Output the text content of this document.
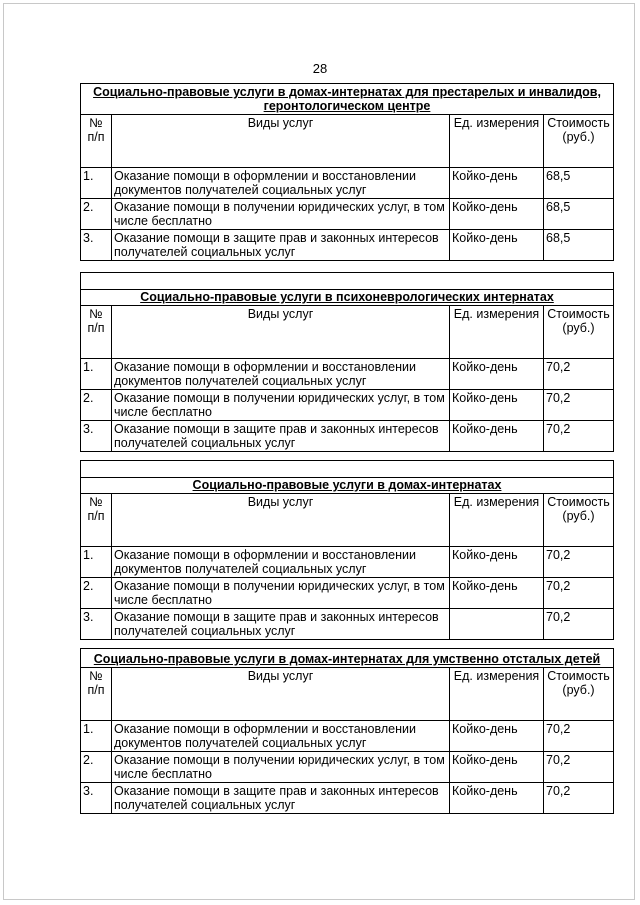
28
Социально-правовые услуги в домах-интернатах для престарелых и инвалидов, геронтологическом центре			
№ п/п	Виды услуг	Ед. измерения	Стоимость (руб.)
1.	Оказание помощи в оформлении и восстановлении документов получателей социальных услуг	Койко-день	68,5
2.	Оказание помощи в получении юридических услуг, в том числе бесплатно	Койко-день	68,5
3.	Оказание помощи в защите прав и законных интересов получателей социальных услуг	Койко-день	68,5

Социально-правовые услуги в психоневрологических интернатах			
№ п/п	Виды услуг	Ед. измерения	Стоимость (руб.)
1.	Оказание помощи в оформлении и восстановлении документов получателей социальных услуг	Койко-день	70,2
2.	Оказание помощи в получении юридических услуг, в том числе бесплатно	Койко-день	70,2
3.	Оказание помощи в защите прав и законных интересов получателей социальных услуг	Койко-день	70,2

Социально-правовые услуги в домах-интернатах			
№ п/п	Виды услуг	Ед. измерения	Стоимость (руб.)
1.	Оказание помощи в оформлении и восстановлении документов получателей социальных услуг	Койко-день	70,2
2.	Оказание помощи в получении юридических услуг, в том числе бесплатно	Койко-день	70,2
3.	Оказание помощи в защите прав и законных интересов получателей социальных услуг		70,2
Социально-правовые услуги в домах-интернатах для умственно отсталых детей			
№ п/п	Виды услуг	Ед. измерения	Стоимость (руб.)
1.	Оказание помощи в оформлении и восстановлении документов получателей социальных услуг	Койко-день	70,2
2.	Оказание помощи в получении юридических услуг, в том числе бесплатно	Койко-день	70,2
3.	Оказание помощи в защите прав и законных интересов получателей социальных услуг	Койко-день	70,2
